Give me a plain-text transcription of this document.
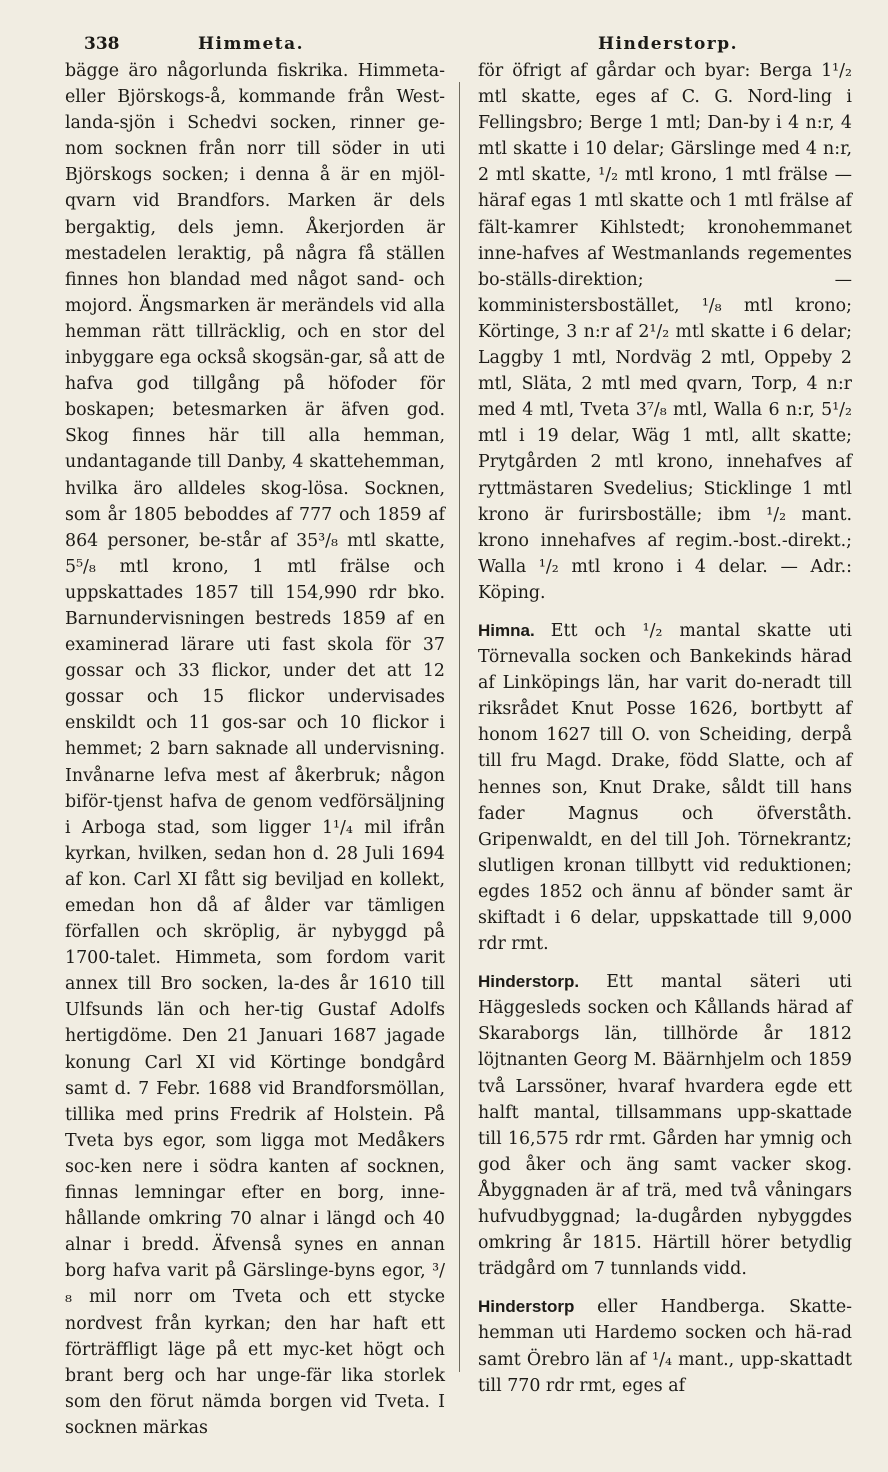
338	Himmeta.	Hinderstorp.

bägge äro någorlunda fiskrika. Himmeta- eller Björskogs-å, kommande från West-landa-sjön i Schedvi socken, rinner ge-nom socknen från norr till söder in uti Björskogs socken; i denna å är en mjöl-qvarn vid Brandfors. Marken är dels bergaktig, dels jemn. Åkerjorden är mestadelen leraktig, på några få ställen finnes hon blandad med något sand- och mojord. Ängsmarken är merändels vid alla hemman rätt tillräcklig, och en stor del inbyggare ega också skogsän-gar, så att de hafva god tillgång på höfoder för boskapen; betesmarken är äfven god. Skog finnes här till alla hemman, undantagande till Danby, 4 skattehemman, hvilka äro alldeles skog-lösa. Socknen, som år 1805 beboddes af 777 och 1859 af 864 personer, be-står af 35³/₈ mtl skatte, 5⁵/₈ mtl krono, 1 mtl frälse och uppskattades 1857 till 154,990 rdr bko. Barnundervisningen bestreds 1859 af en examinerad lärare uti fast skola för 37 gossar och 33 flickor, under det att 12 gossar och 15 flickor undervisades enskildt och 11 gos-sar och 10 flickor i hemmet; 2 barn saknade all undervisning. Invånarne lefva mest af åkerbruk; någon biför-tjenst hafva de genom vedförsäljning i Arboga stad, som ligger 1¹/₄ mil ifrån kyrkan, hvilken, sedan hon d. 28 Juli 1694 af kon. Carl XI fått sig beviljad en kollekt, emedan hon då af ålder var tämligen förfallen och skröplig, är nybyggd på 1700-talet. Himmeta, som fordom varit annex till Bro socken, la-des år 1610 till Ulfsunds län och her-tig Gustaf Adolfs hertigdöme. Den 21 Januari 1687 jagade konung Carl XI vid Körtinge bondgård samt d. 7 Febr. 1688 vid Brandforsmöllan, tillika med prins Fredrik af Holstein. På Tveta bys egor, som ligga mot Medåkers soc-ken nere i södra kanten af socknen, finnas lemningar efter en borg, inne-hållande omkring 70 alnar i längd och 40 alnar i bredd. Äfvenså synes en annan borg hafva varit på Gärslinge-byns egor, ³/₈ mil norr om Tveta och ett stycke nordvest från kyrkan; den har haft ett förträffligt läge på ett myc-ket högt och brant berg och har unge-fär lika storlek som den förut nämda borgen vid Tveta. I socknen märkas

för öfrigt af gårdar och byar: Berga 1¹/₂ mtl skatte, eges af C. G. Nord-ling i Fellingsbro; Berge 1 mtl; Dan-by i 4 n:r, 4 mtl skatte i 10 delar; Gärslinge med 4 n:r, 2 mtl skatte, ¹/₂ mtl krono, 1 mtl frälse — häraf egas 1 mtl skatte och 1 mtl frälse af fält-kamrer Kihlstedt; kronohemmanet inne-hafves af Westmanlands regementes bo-ställs-direktion; — komministersbostället, ¹/₈ mtl krono; Körtinge, 3 n:r af 2¹/₂ mtl skatte i 6 delar; Laggby 1 mtl, Nordväg 2 mtl, Oppeby 2 mtl, Släta, 2 mtl med qvarn, Torp, 4 n:r med 4 mtl, Tveta 3⁷/₈ mtl, Walla 6 n:r, 5¹/₂ mtl i 19 delar, Wäg 1 mtl, allt skatte; Prytgården 2 mtl krono, innehafves af ryttmästaren Svedelius; Sticklinge 1 mtl krono är furirsboställe; ibm ¹/₂ mant. krono innehafves af regim.-bost.-direkt.; Walla ¹/₂ mtl krono i 4 delar. — Adr.: Köping.

Himna. Ett och ¹/₂ mantal skatte uti Törnevalla socken och Bankekinds härad af Linköpings län, har varit do-neradt till riksrådet Knut Posse 1626, bortbytt af honom 1627 till O. von Scheiding, derpå till fru Magd. Drake, född Slatte, och af hennes son, Knut Drake, såldt till hans fader Magnus och öfverståth. Gripenwaldt, en del till Joh. Törnekrantz; slutligen kronan tillbytt vid reduktionen; egdes 1852 och ännu af bönder samt är skiftadt i 6 delar, uppskattade till 9,000 rdr rmt.

Hinderstorp. Ett mantal säteri uti Häggesleds socken och Kållands härad af Skaraborgs län, tillhörde år 1812 löjtnanten Georg M. Bäärnhjelm och 1859 två Larssöner, hvaraf hvardera egde ett halft mantal, tillsammans upp-skattade till 16,575 rdr rmt. Gården har ymnig och god åker och äng samt vacker skog. Åbyggnaden är af trä, med två våningars hufvudbyggnad; la-dugården nybyggdes omkring år 1815. Härtill hörer betydlig trädgård om 7 tunnlands vidd.

Hinderstorp eller Handberga. Skatte-hemman uti Hardemo socken och hä-rad samt Örebro län af ¹/₄ mant., upp-skattadt till 770 rdr rmt, eges af
